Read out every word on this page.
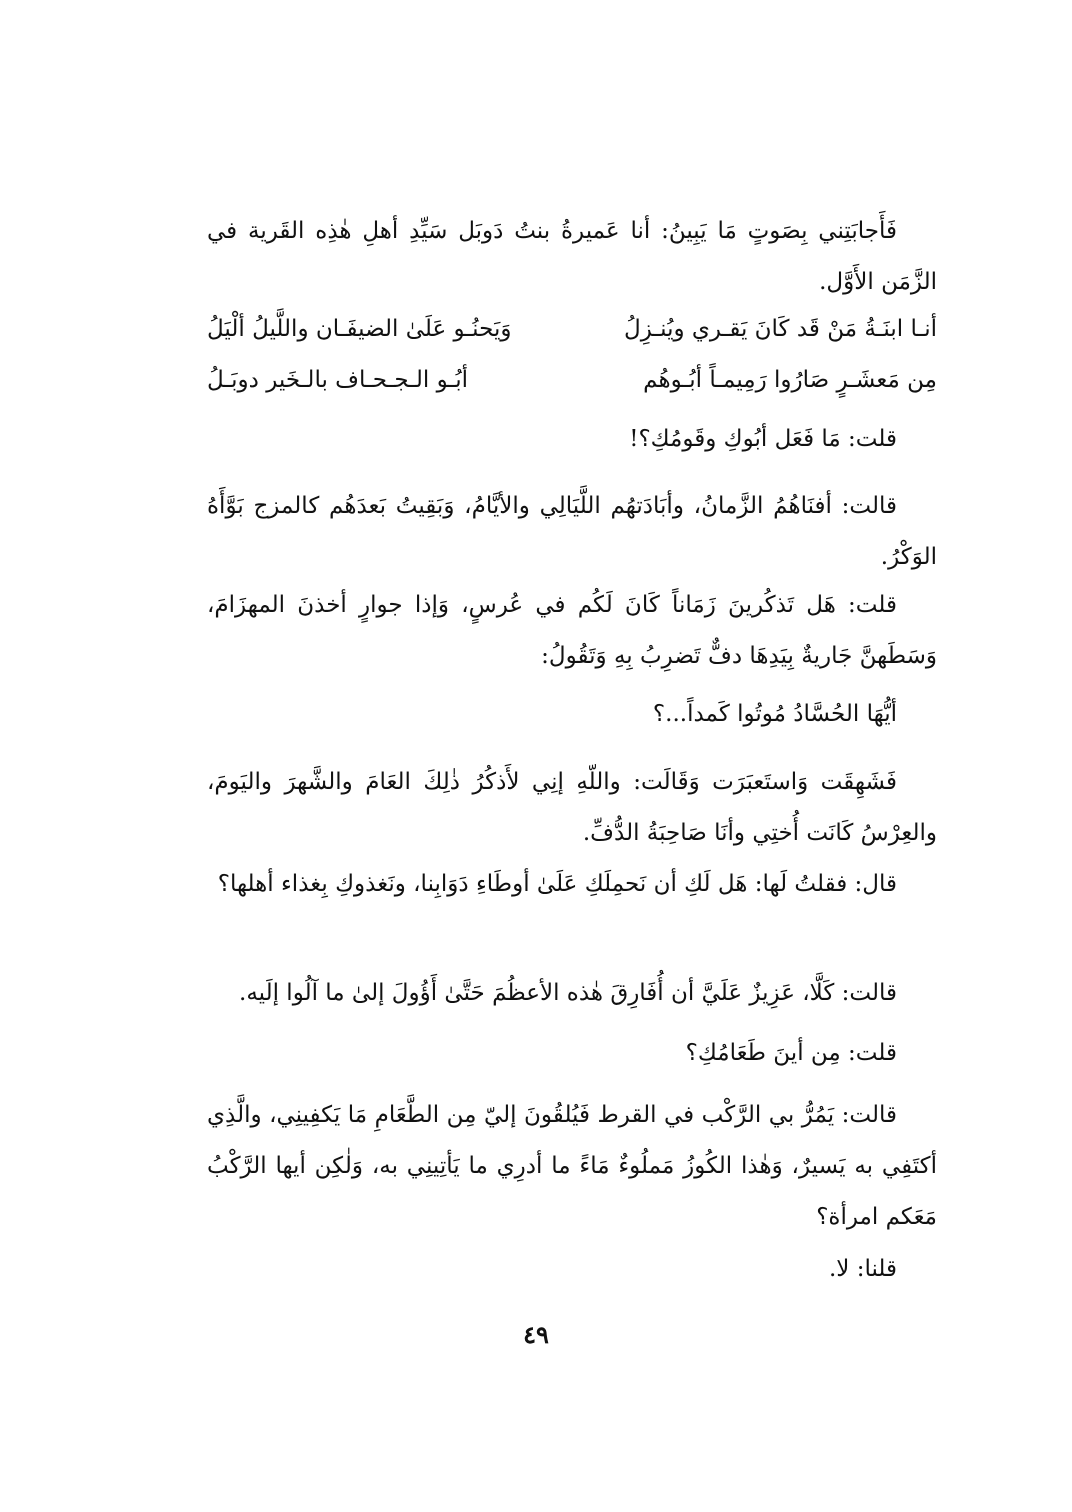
فَأَجابَتِني بِصَوتٍ مَا يَبِينُ: أنا عَميرةُ بنتُ دَوبَل سَيِّدِ أهلِ هٰذِه القَرية في الزَّمَن الأَوَّل.
أنـا ابنَـةُ مَنْ قَد كَانَ يَقـري ويُنـزِلُ
وَيَحنُـو عَلَىٰ الضيفَـان واللَّيلُ ألْيَلُ
مِن مَعشَـرٍ صَارُوا رَمِيمـاً أبُـوهُم
أبُـو الـجـحـاف بالـخَير دوبَـلُ
قلت: مَا فَعَل أبُوكِ وقَومُكِ؟!
قالت: أفنَاهُمُ الزَّمانُ، وأبَادَتهُم اللَّيَالِي والأيَّامُ، وَبَقِيتُ بَعدَهُم كالمزج بَوَّأَهُ الوَكْرُ.
قلت: هَل تَذكُرينَ زَمَاناً كَانَ لَكُم في عُرسٍ، وَإذا جوارٍ أخذنَ المهزَامَ، وَسَطَهنَّ جَاريةٌ بِيَدِهَا دفٌّ تَضرِبُ بِهِ وَتَقُولُ:
أيُّهَا الحُسَّادُ مُوتُوا كَمداً...؟
فَشَهِقَت وَاستَعبَرَت وَقَالَت: واللّهِ إنِي لأَذكُرُ ذٰلِكَ العَامَ والشَّهرَ واليَومَ، والعِرْسُ كَانَت أُختِي وأنَا صَاحِبَةُ الدُّفِّ.
قال: فقلتُ لَها: هَل لَكِ أن نَحمِلَكِ عَلَىٰ أوطَاءِ دَوَابِنا، ونَغذوكِ بِغذاء أهلها؟
قالت: كَلَّا، عَزِيزٌ عَلَيَّ أن أُفَارِقَ هٰذه الأعظُمَ حَتَّىٰ أَؤُولَ إلىٰ ما آلُوا إلَيه.
قلت: مِن أينَ طَعَامُكِ؟
قالت: يَمُرُّ بي الرَّكْب في القرط فَيُلقُونَ إليّ مِن الطَّعَامِ مَا يَكفِينِي، والَّذِي أكتَفِي به يَسيرٌ، وَهٰذا الكُوزُ مَملُوءٌ مَاءً ما أدرِي ما يَأتِينِي به، وَلٰكِن أيها الرَّكْبُ مَعَكم امرأة؟
قلنا: لا.
٤٩
